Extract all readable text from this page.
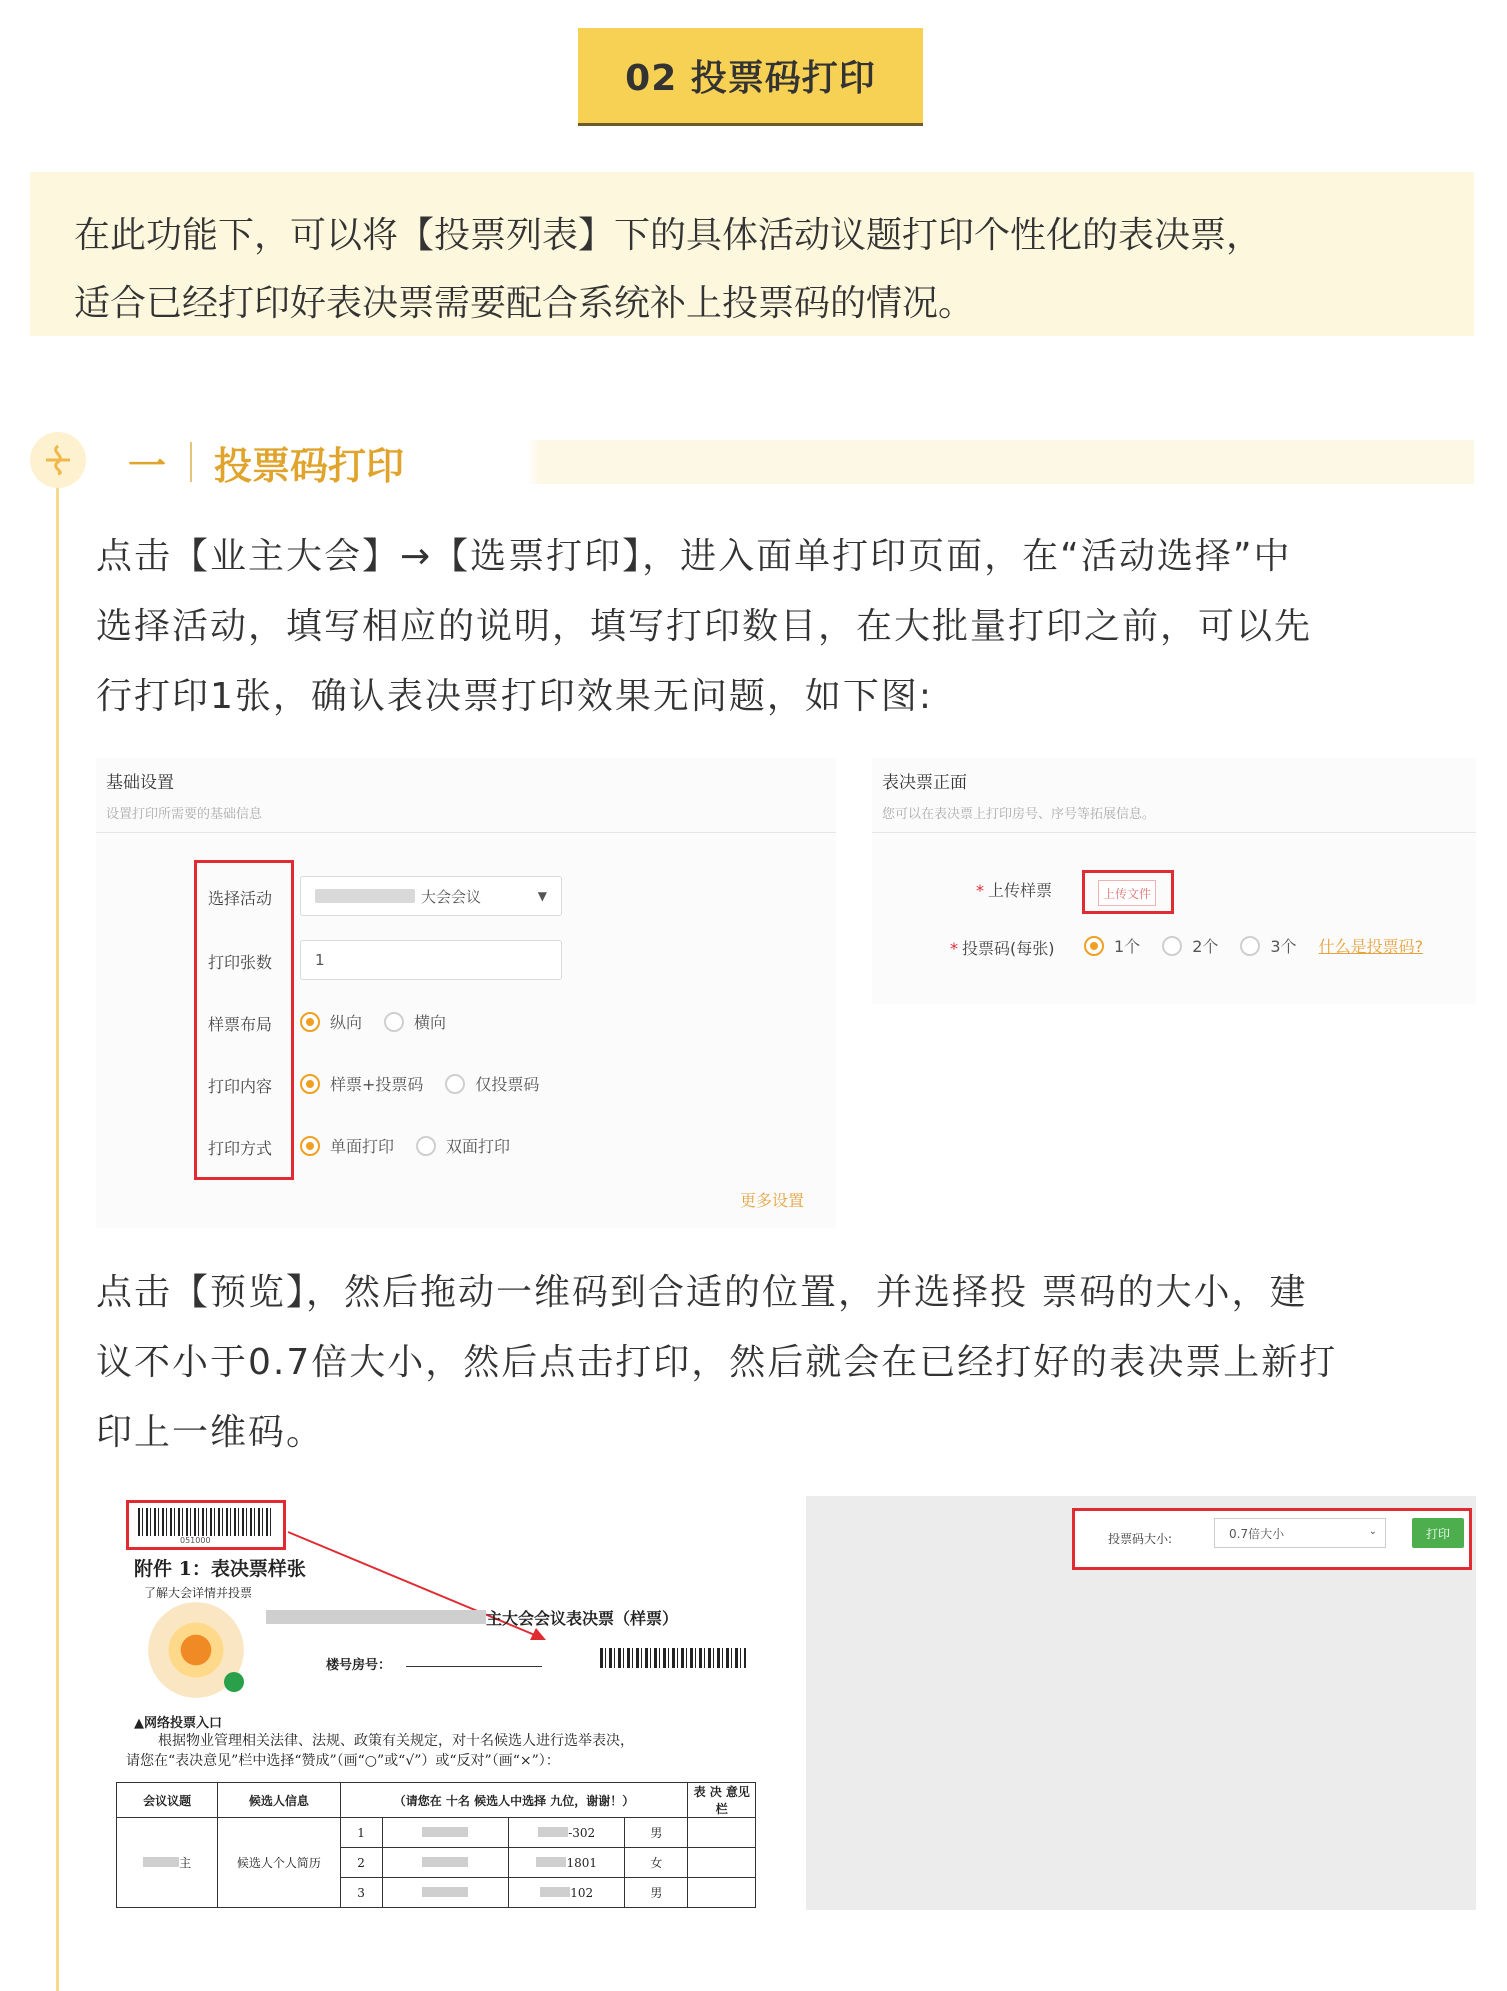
02 投票码打印
在此功能下，可以将【投票列表】下的具体活动议题打印个性化的表决票，
适合已经打印好表决票需要配合系统补上投票码的情况。
一 投票码打印
点击【业主大会】→【选票打印】，进入面单打印页面，在“活动选择”中
选择活动，填写相应的说明，填写打印数目，在大批量打印之前，可以先
行打印1张，确认表决票打印效果无问题，如下图:
基础设置
设置打印所需要的基础信息
选择活动	大会会议	▼
打印张数	1
样票布局	纵向	横向
打印内容	样票+投票码	仅投票码
打印方式	单面打印	双面打印
更多设置
表决票正面
您可以在表决票上打印房号、序号等拓展信息。
* 上传样票	上传文件
* 投票码(每张)	1个	2个	3个 什么是投票码?
点击【预览】，然后拖动一维码到合适的位置，并选择投 票码的大小，建
议不小于0.7倍大小，然后点击打印，然后就会在已经打好的表决票上新打
印上一维码。
051000
附件 1：表决票样张
了解大会详情并投票
主大会会议表决票（样票）
楼号房号：
▲网络投票入口
根据物业管理相关法律、法规、政策有关规定，对十名候选人进行选举表决，
请您在“表决意见”栏中选择“赞成”（画“○”或“√”）或“反对”（画“×”）：
会议议题	候选人信息	（请您在 十名 候选人中选择 九位，谢谢！）				表 决 意见栏
主	候选人个人简历	1		-302	男	
		2		1801	女	
		3		102	男	
投票码大小:	0.7倍大小	⌄	打印
